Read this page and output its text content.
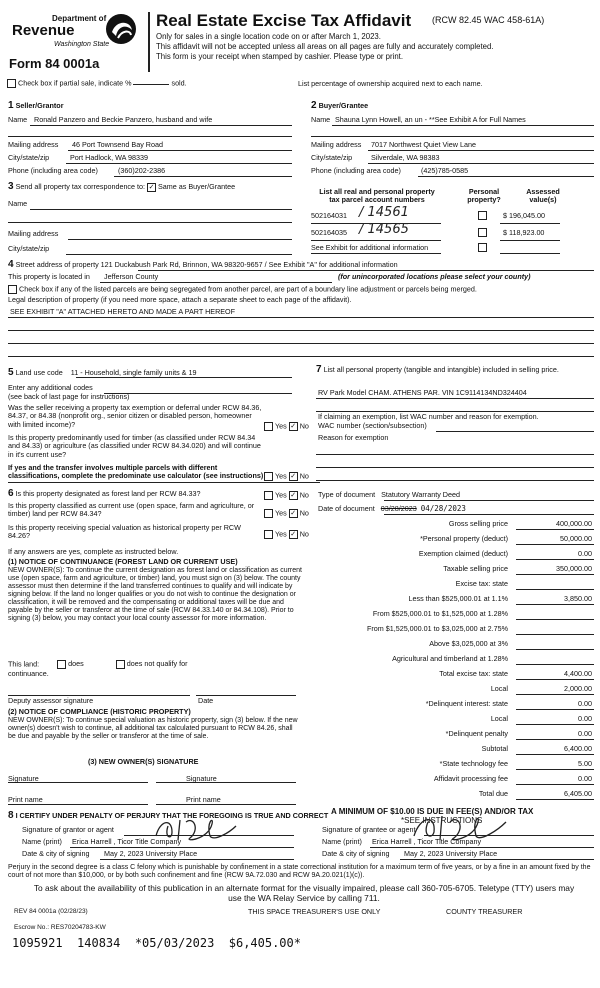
Department of
Revenue
Washington State
Form 84 0001a
Real Estate Excise Tax Affidavit (RCW 82.45 WAC 458-61A)
Only for sales in a single location code on or after March 1, 2023.
This affidavit will not be accepted unless all areas on all pages are fully and accurately completed.
This form is your receipt when stamped by cashier. Please type or print.
Check box if partial sale, indicate %	sold.	List percentage of ownership acquired next to each name.
1 Seller/Grantor
Name Ronald Panzero and Beckie Panzero, husband and wife
Mailing address 46 Port Townsend Bay Road
City/state/zip	Port Hadlock, WA 98339
Phone (including area code)	(360)202-2386
2 Buyer/Grantee
Name Shauna Lynn Howell, an un - **See Exhibit A for Full Names
Mailing address 7017 Northwest Quiet View Lane
City/state/zip	Silverdale, WA 98383
Phone (including area code)	(425)785-0585
3 Send all property tax correspondence to: ✓ Same as Buyer/Grantee
Name
Mailing address
City/state/zip
List all real and personal property tax parcel account numbers
Personal property?
Assessed value(s)
502164031 / 14561	$ 196,045.00
502164035 / 14565	$ 118,923.00
See Exhibit for additional information
4 Street address of property 121 Duckabush Park Rd, Brinnon, WA 98320-9657 / See Exhibit "A" for additional information
This property is located in Jefferson County	(for unincorporated locations please select your county)
Check box if any of the listed parcels are being segregated from another parcel, are part of a boundary line adjustment or parcels being merged.
Legal description of property (if you need more space, attach a separate sheet to each page of the affidavit).
SEE EXHIBIT "A" ATTACHED HERETO AND MADE A PART HEREOF
5 Land use code 11 - Household, single family units & 19
Enter any additional codes
(see back of last page for instructions)
Was the seller receiving a property tax exemption or deferral under RCW 84.36, 84.37, or 84.38 (nonprofit org., senior citizen or disabled person, homeowner with limited income)?	Yes ✓ No
Is this property predominantly used for timber (as classified under RCW 84.34 and 84.33) or agriculture (as classified under RCW 84.34.020) and will continue in it's current use?
If yes and the transfer involves multiple parcels with different classifications, complete the predominate use calculator (see instructions)	Yes ✓ No
7 List all personal property (tangible and intangible) included in selling price.
RV Park Model CHAM. ATHENS PAR. VIN 1C9114134ND324404
If claiming an exemption, list WAC number and reason for exemption.
WAC number (section/subsection)
Reason for exemption
6 Is this property designated as forest land per RCW 84.33?	Yes ✓ No
Is this property classified as current use (open space, farm and agriculture, or timber) land per RCW 84.34?	Yes ✓ No
Is this property receiving special valuation as historical property per RCW 84.26?	Yes ✓ No
If any answers are yes, complete as instructed below.
(1) NOTICE OF CONTINUANCE (FOREST LAND OR CURRENT USE)
NEW OWNER(S): To continue the current designation as forest land or classification as current use (open space, farm and agriculture, or timber) land, you must sign on (3) below. The county assessor must then determine if the land transferred continues to qualify and will indicate by signing below. If the land no longer qualifies or you do not wish to continue the designation or classification, it will be removed and the compensating or additional taxes will be due and payable by the seller or transferor at the time of sale (RCW 84.33.140 or 84.34.108). Prior to signing (3) below, you may contact your local county assessor for more information.
This land:	does	does not qualify for
continuance.
Deputy assessor signature	Date
(2) NOTICE OF COMPLIANCE (HISTORIC PROPERTY)
NEW OWNER(S): To continue special valuation as historic property, sign (3) below. If the new owner(s) doesn't wish to continue, all additional tax calculated pursuant to RCW 84.26, shall be due and payable by the seller or transferor at the time of sale.
(3) NEW OWNER(S) SIGNATURE
Signature	Signature
Print name	Print name
Type of document Statutory Warranty Deed
Date of document 03/28/2023 04/28/2023
Gross selling price	400,000.00
*Personal property (deduct)	50,000.00
Exemption claimed (deduct)	0.00
Taxable selling price	350,000.00
Excise tax: state
Less than $525,000.01 at 1.1%	3,850.00
From $525,000.01 to $1,525,000 at 1.28%
From $1,525,000.01 to $3,025,000 at 2.75%
Above $3,025,000 at 3%
Agricultural and timberland at 1.28%
Total excise tax: state	4,400.00
Local	2,000.00
*Delinquent interest: state	0.00
Local	0.00
*Delinquent penalty	0.00
Subtotal	6,400.00
*State technology fee	5.00
Affidavit processing fee	0.00
Total due	6,405.00
A MINIMUM OF $10.00 IS DUE IN FEE(S) AND/OR TAX
*SEE INSTRUCTIONS
8 I CERTIFY UNDER PENALTY OF PERJURY THAT THE FOREGOING IS TRUE AND CORRECT
Signature of grantor or agent	Signature of grantee or agent
Name (print) Erica Harrell , Ticor Title Company	Name (print) Erica Harrell , Ticor Title Company
Date & city of signing May 2, 2023 University Place	Date & city of signing May 2, 2023 University Place
Perjury in the second degree is a class C felony which is punishable by confinement in a state correctional institution for a maximum term of five years, or by a fine in an amount fixed by the court of not more than $10,000, or by both such confinement and fine (RCW 9A.72.030 and RCW 9A.20.021(1)(c)).
To ask about the availability of this publication in an alternate format for the visually impaired, please call 360-705-6705. Teletype (TTY) users may use the WA Relay Service by calling 711.
REV 84 0001a (02/28/23)	THIS SPACE TREASURER'S USE ONLY	COUNTY TREASURER
Escrow No.: RES70204783-KW
1095921  140834  *05/03/2023  $6,405.00*
